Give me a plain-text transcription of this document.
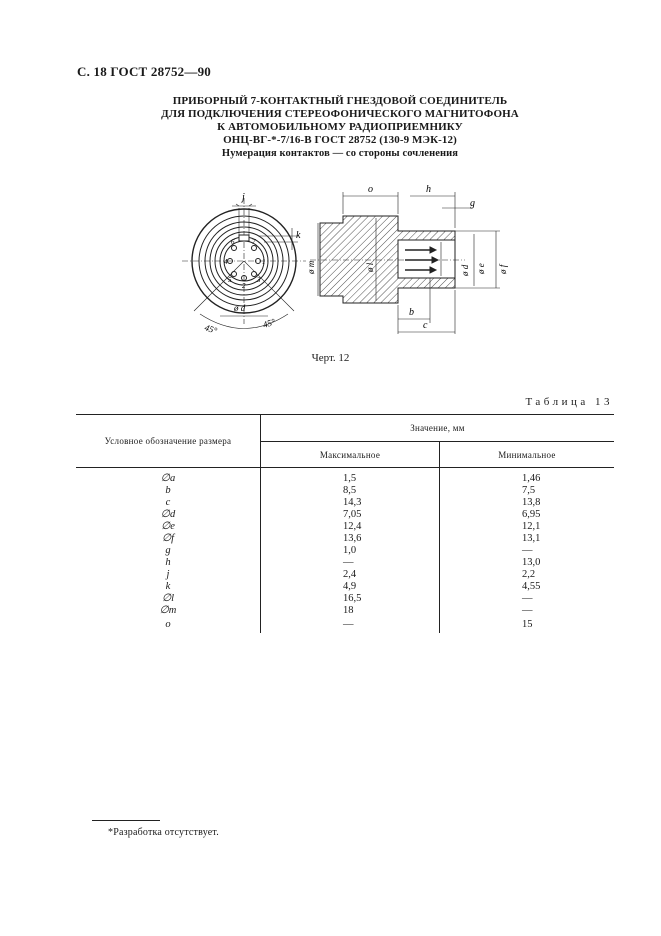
С. 18 ГОСТ 28752—90
ПРИБОРНЫЙ 7-КОНТАКТНЫЙ ГНЕЗДОВОЙ СОЕДИНИТЕЛЬ
ДЛЯ ПОДКЛЮЧЕНИЯ СТЕРЕОФОНИЧЕСКОГО МАГНИТОФОНА
К АВТОМОБИЛЬНОМУ РАДИОПРИЕМНИКУ
ОНЦ-ВГ-*-7/16-В ГОСТ 28752 (130-9 МЭК-12)
Нумерация контактов — со стороны сочленения
j
k
6	7
4	1
5	3
2
ø d
45°	45°
o	h
g
ø m	ø l	ø d ø e ø f
b
c
Черт. 12
Таблица 13
Условное обозначение размера	Значение, мм	
	Максимальное	Минимальное
∅a	1,5	1,46
b	8,5	7,5
c	14,3	13,8
∅d	7,05	6,95
∅e	12,4	12,1
∅f	13,6	13,1
g	1,0	—
h	—	13,0
j	2,4	2,2
k	4,9	4,55
∅l	16,5	—
∅m	18	—
o	—	15
*Разработка отсутствует.
